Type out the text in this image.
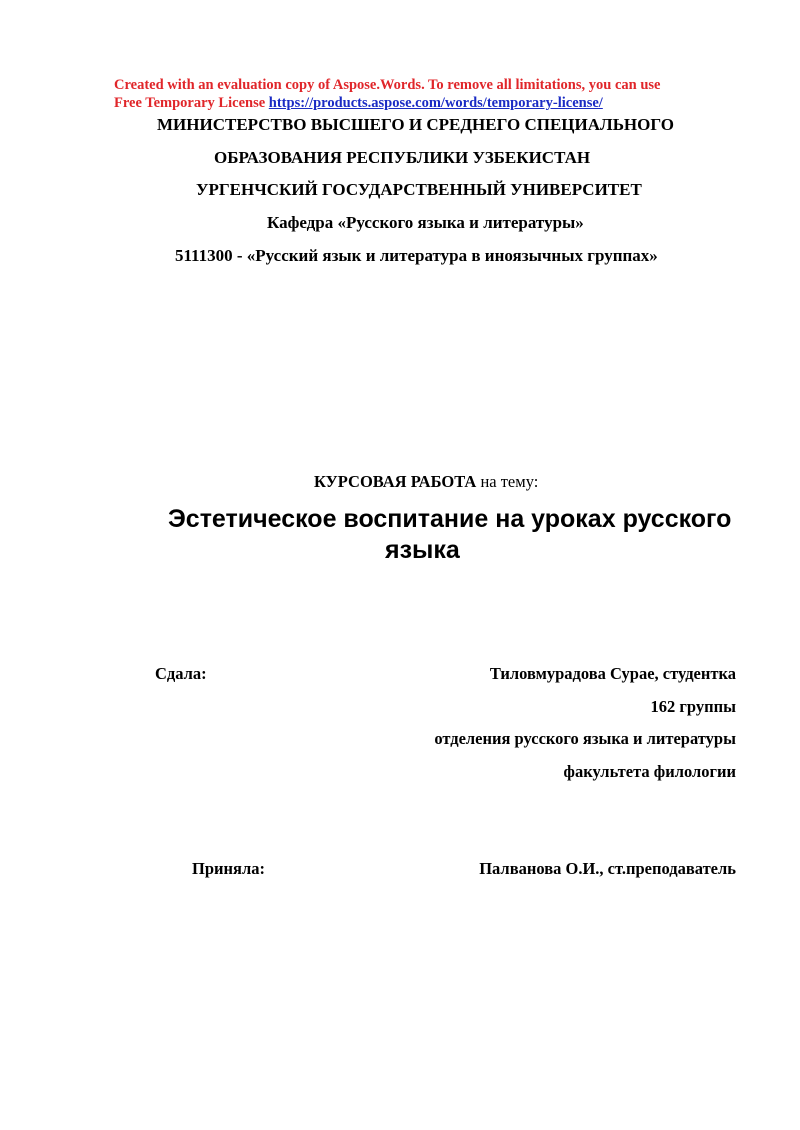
Created with an evaluation copy of Aspose.Words. To remove all limitations, you can use
Free Temporary License https://products.aspose.com/words/temporary-license/
МИНИСТЕРСТВО ВЫСШЕГО И СРЕДНЕГО СПЕЦИАЛЬНОГО
ОБРАЗОВАНИЯ РЕСПУБЛИКИ УЗБЕКИСТАН
УРГЕНЧСКИЙ ГОСУДАРСТВЕННЫЙ УНИВЕРСИТЕТ
Кафедра «Русского языка и литературы»
5111300 - «Русский язык и литература в иноязычных группах»
КУРСОВАЯ РАБОТА на тему:
Эстетическое воспитание на уроках русского
языка
Сдала:	Тиловмурадова Сурае, студентка
162 группы
отделения русского языка и литературы
факультета филологии
Приняла:	Палванова О.И., ст.преподаватель
